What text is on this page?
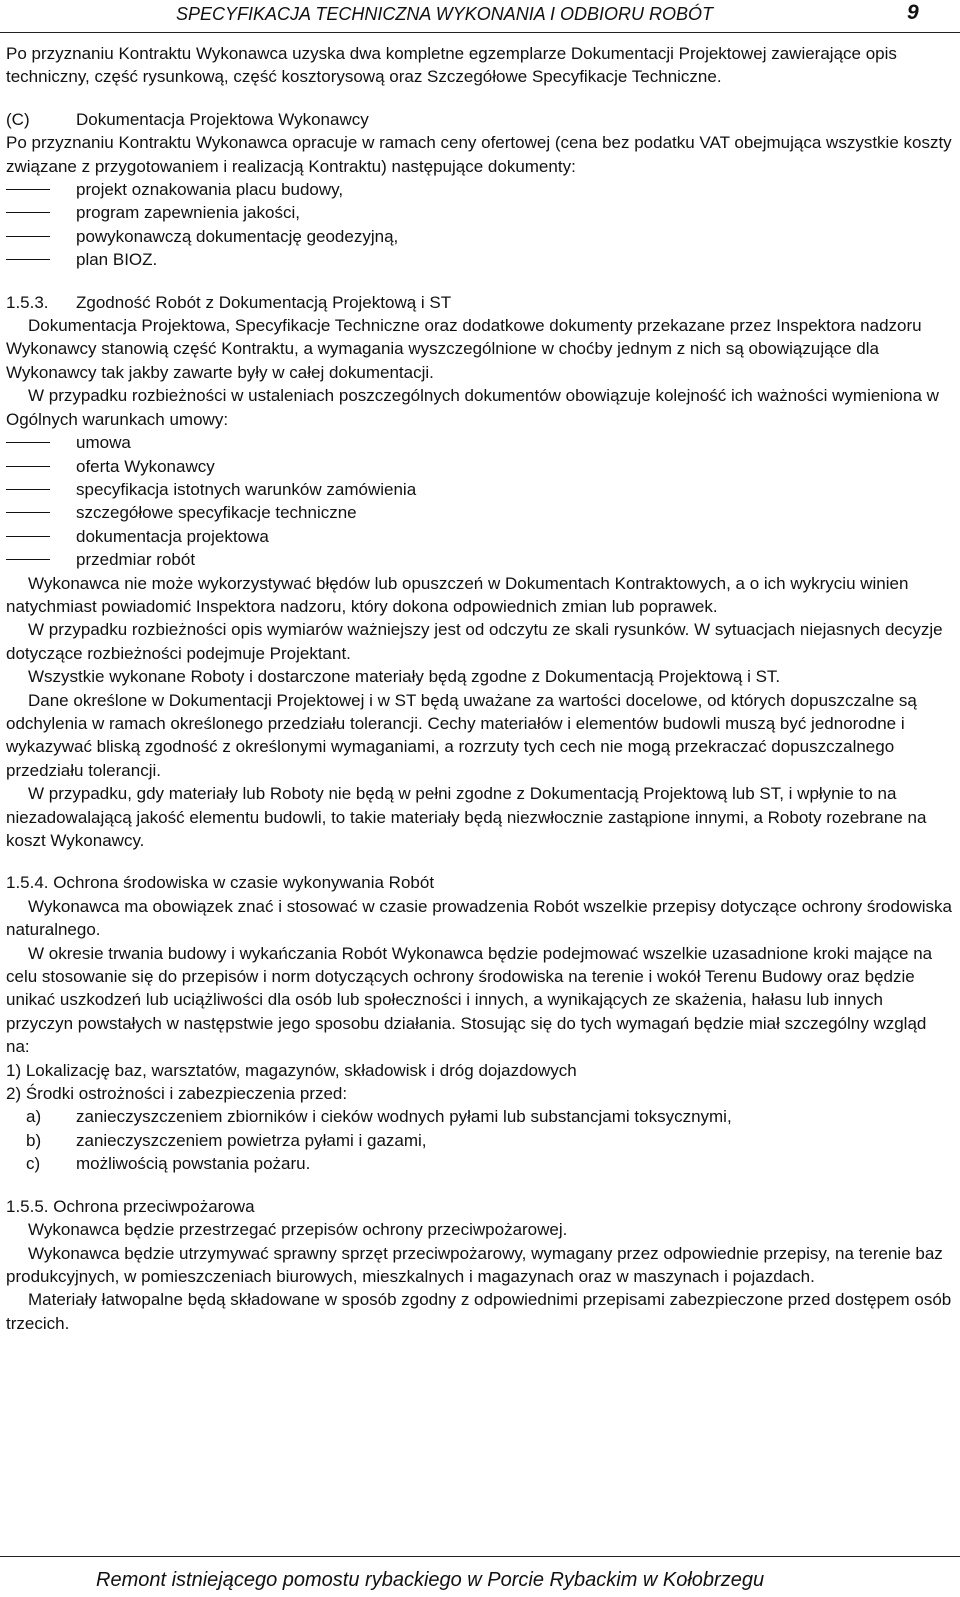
SPECYFIKACJA TECHNICZNA WYKONANIA I ODBIORU ROBÓT	9

Po przyznaniu Kontraktu Wykonawca uzyska dwa kompletne egzemplarze Dokumentacji Projektowej zawierające opis techniczny, część rysunkową, część kosztorysową oraz Szczegółowe Specyfikacje Techniczne.

(C)	Dokumentacja Projektowa Wykonawcy

Po przyznaniu Kontraktu Wykonawca opracuje w ramach ceny ofertowej (cena bez podatku VAT obejmująca wszystkie koszty związane z przygotowaniem i realizacją Kontraktu) następujące dokumenty:

projekt oznakowania placu budowy,
program zapewnienia jakości,
powykonawczą dokumentację geodezyjną,
plan BIOZ.

1.5.3. Zgodność Robót z Dokumentacją Projektową i ST

Dokumentacja Projektowa, Specyfikacje Techniczne oraz dodatkowe dokumenty przekazane przez Inspektora nadzoru Wykonawcy stanowią część Kontraktu, a wymagania wyszczególnione w choćby jednym z nich są obowiązujące dla Wykonawcy tak jakby zawarte były w całej dokumentacji.

W przypadku rozbieżności w ustaleniach poszczególnych dokumentów obowiązuje kolejność ich ważności wymieniona w Ogólnych warunkach umowy:

umowa
oferta Wykonawcy
specyfikacja istotnych warunków zamówienia
szczegółowe specyfikacje techniczne
dokumentacja projektowa
przedmiar robót

Wykonawca nie może wykorzystywać błędów lub opuszczeń w Dokumentach Kontraktowych, a o ich wykryciu winien natychmiast powiadomić Inspektora nadzoru, który dokona odpowiednich zmian lub poprawek.

W przypadku rozbieżności opis wymiarów ważniejszy jest od odczytu ze skali rysunków. W sytuacjach niejasnych decyzje dotyczące rozbieżności podejmuje Projektant.

Wszystkie wykonane Roboty i dostarczone materiały będą zgodne z Dokumentacją Projektową i ST.

Dane określone w Dokumentacji Projektowej i w ST będą uważane za wartości docelowe, od których dopuszczalne są odchylenia w ramach określonego przedziału tolerancji. Cechy materiałów i elementów budowli muszą być jednorodne i wykazywać bliską zgodność z określonymi wymaganiami, a rozrzuty tych cech nie mogą przekraczać dopuszczalnego przedziału tolerancji.

W przypadku, gdy materiały lub Roboty nie będą w pełni zgodne z Dokumentacją Projektową lub ST, i wpłynie to na niezadowalającą jakość elementu budowli, to takie materiały będą niezwłocznie zastąpione innymi, a Roboty rozebrane na koszt Wykonawcy.

1.5.4. Ochrona środowiska w czasie wykonywania Robót

Wykonawca ma obowiązek znać i stosować w czasie prowadzenia Robót wszelkie przepisy dotyczące ochrony środowiska naturalnego.

W okresie trwania budowy i wykańczania Robót Wykonawca będzie podejmować wszelkie uzasadnione kroki mające na celu stosowanie się do przepisów i norm dotyczących ochrony środowiska na terenie i wokół Terenu Budowy oraz będzie unikać uszkodzeń lub uciążliwości dla osób lub społeczności i innych, a wynikających ze skażenia, hałasu lub innych przyczyn powstałych w następstwie jego sposobu działania. Stosując się do tych wymagań będzie miał szczególny wzgląd na:

1) Lokalizację baz, warsztatów, magazynów, składowisk i dróg dojazdowych

2) Środki ostrożności i zabezpieczenia przed:

a) zanieczyszczeniem zbiorników i cieków wodnych pyłami lub substancjami toksycznymi,
b) zanieczyszczeniem powietrza pyłami i gazami,
c) możliwością powstania pożaru.

1.5.5. Ochrona przeciwpożarowa

Wykonawca będzie przestrzegać przepisów ochrony przeciwpożarowej.

Wykonawca będzie utrzymywać sprawny sprzęt przeciwpożarowy, wymagany przez odpowiednie przepisy, na terenie baz produkcyjnych, w pomieszczeniach biurowych, mieszkalnych i magazynach oraz w maszynach i pojazdach.

Materiały łatwopalne będą składowane w sposób zgodny z odpowiednimi przepisami zabezpieczone przed dostępem osób trzecich.

Remont istniejącego pomostu rybackiego w Porcie Rybackim w Kołobrzegu
